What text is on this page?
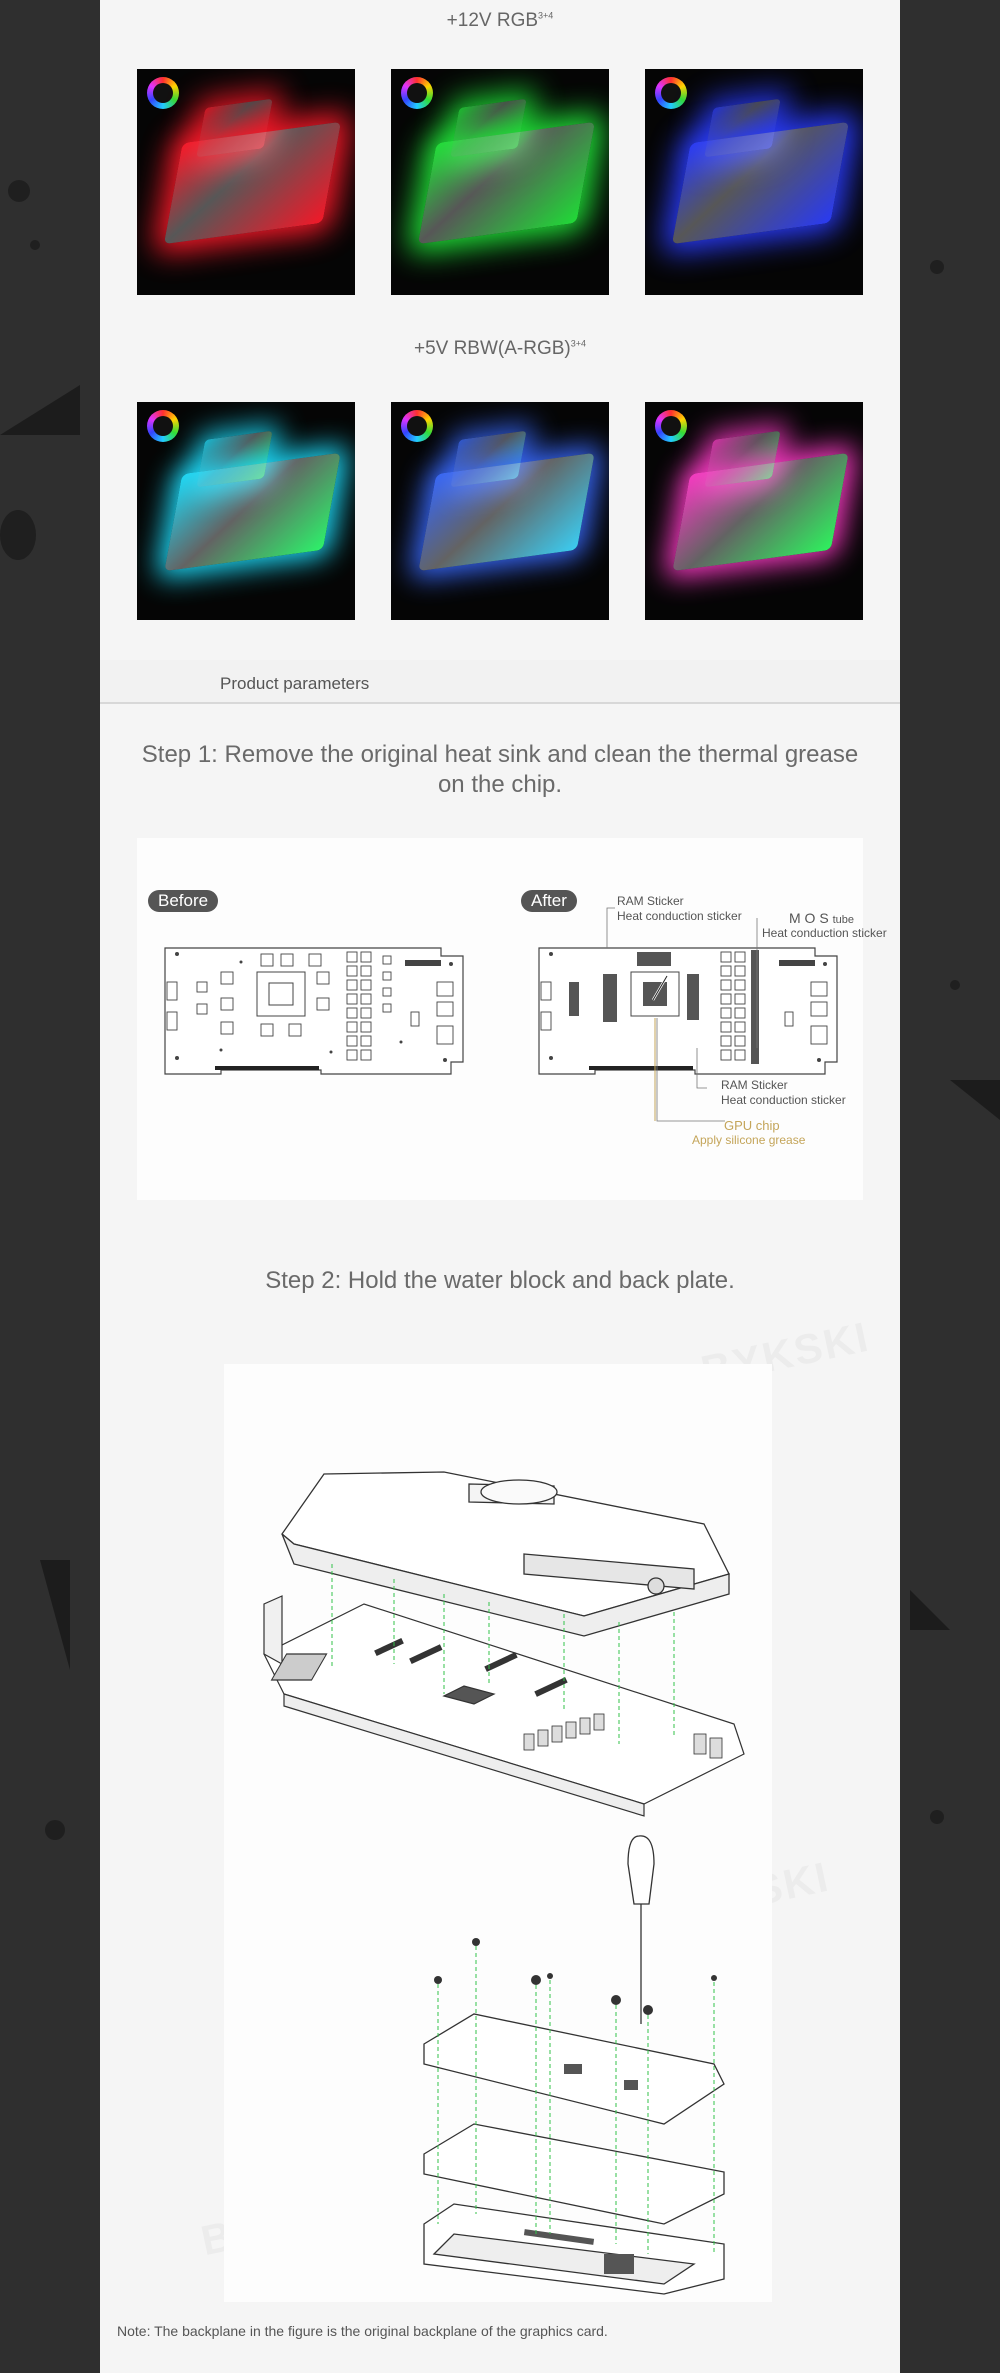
+12V $RGB^{3+4}$
+5V $RBW(A-RGB)^{3+4}$
Product parameters
Step 1: Remove the original heat sink and clean the thermal grease on the chip.
Before	After	RAM Sticker
Heat conduction sticker	M O S tube
Heat conduction sticker
RAM Sticker
Heat conduction sticker
GPU chip
Apply silicone grease
Step 2: Hold the water block and back plate.
Note: The backplane in the figure is the original backplane of the graphics card.
